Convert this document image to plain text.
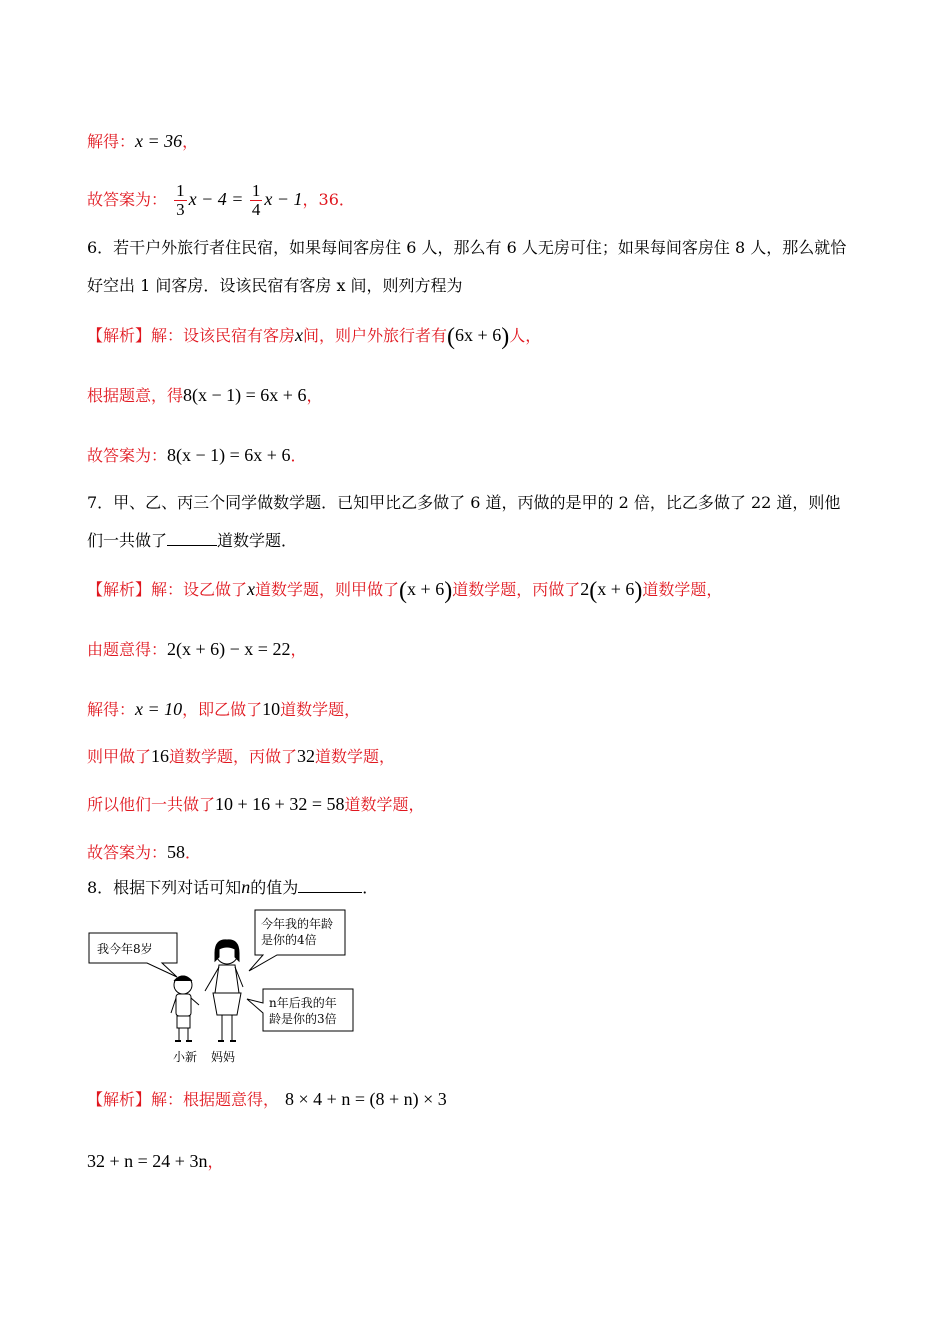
解得：x = 36，
故答案为： $\frac{1}{3}$ $x - 4 = \frac{1}{4}$ x − 1，36．
6．若干户外旅行者住民宿，如果每间客房住 6 人，那么有 6 人无房可住；如果每间客房住 8 人，那么就恰
好空出 1 间客房．设该民宿有客房 x 间，则列方程为
【解析】解：设该民宿有客房x间，则户外旅行者有(6x + 6)人，
根据题意，得8(x − 1) = 6x + 6，
故答案为：8(x − 1) = 6x + 6．
7．甲、乙、丙三个同学做数学题．已知甲比乙多做了 6 道，丙做的是甲的 2 倍，比乙多做了 22 道，则他
们一共做了	道数学题．
【解析】解：设乙做了x道数学题，则甲做了(x + 6)道数学题，丙做了2(x + 6)道数学题，
由题意得：2(x + 6) − x = 22，
解得：x = 10，即乙做了10道数学题，
则甲做了16道数学题，丙做了32道数学题，
所以他们一共做了10 + 16 + 32 = 58道数学题，
故答案为：58．
8．根据下列对话可知n的值为	．
我今年8岁
今年我的年龄
是你的4倍
n年后我的年
龄是你的3倍
小新 妈妈
【解析】解：根据题意得， 8 × 4 + n = (8 + n) × 3
32 + n = 24 + 3n，
